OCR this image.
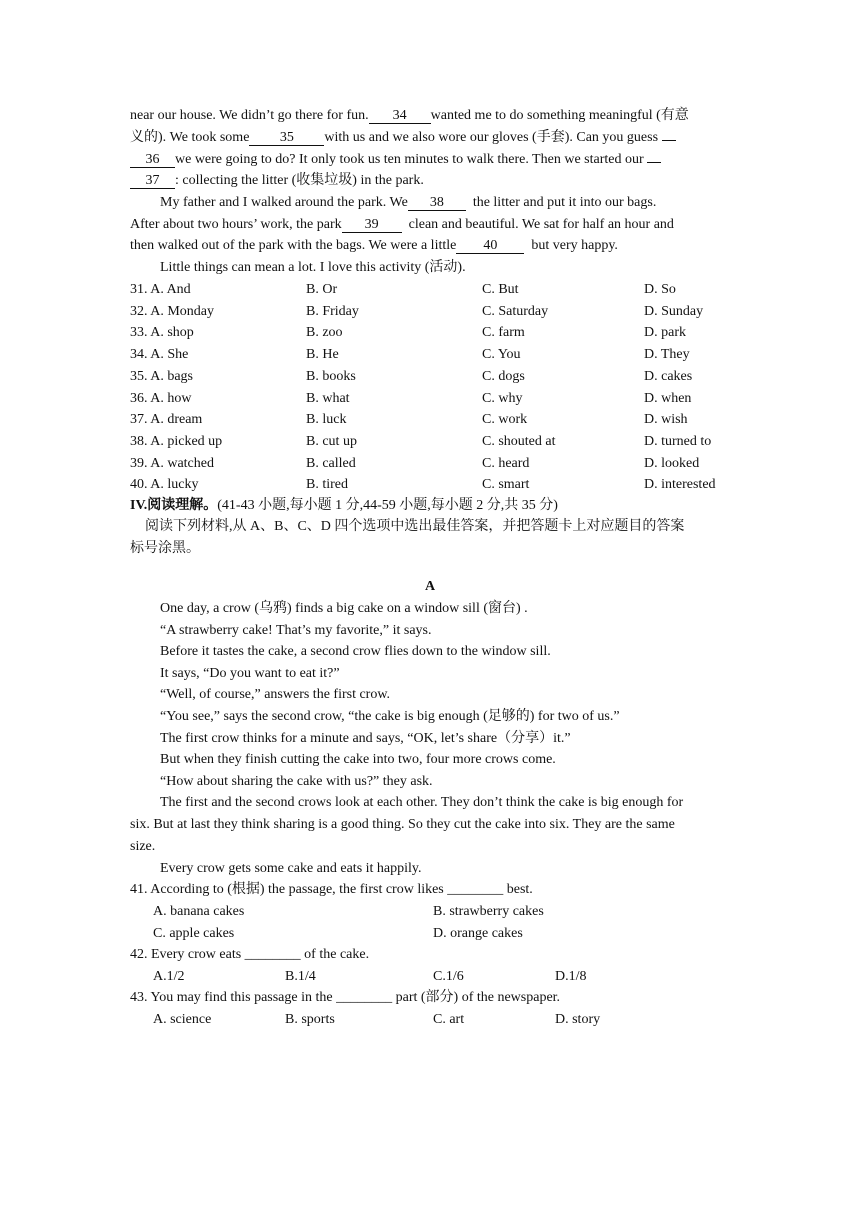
near our house. We didn’t go there for fun. 34 wanted me to do something meaningful (有意
义的). We took some 35 with us and we also wore our gloves (手套). Can you guess
36 we were going to do? It only took us ten minutes to walk there. Then we started our
37 : collecting the litter (收集垃圾) in the park.
My father and I walked around the park. We 38 the litter and put it into our bags.
After about two hours’ work, the park 39 clean and beautiful. We sat for half an hour and
then walked out of the park with the bags. We were a little 40 but very happy.
Little things can mean a lot. I love this activity (活动).
31. A. And	B. Or	C. But	D. So
32. A. Monday	B. Friday	C. Saturday	D. Sunday
33. A. shop	B. zoo	C. farm	D. park
34. A. She	B. He	C. You	D. They
35. A. bags	B. books	C. dogs	D. cakes
36. A. how	B. what	C. why	D. when
37. A. dream	B. luck	C. work	D. wish
38. A. picked up	B. cut up	C. shouted at	D. turned to
39. A. watched	B. called	C. heard	D. looked
40. A. lucky	B. tired	C. smart	D. interested
IV.阅读理解。(41-43 小题,每小题 1 分,44-59 小题,每小题 2 分,共 35 分)
阅读下列材料,从 A、B、C、D 四个选项中选出最佳答案，并把答题卡上对应题目的答案
标号涂黑。
A
One day, a crow (乌鸦) finds a big cake on a window sill (窗台) .
“A strawberry cake! That’s my favorite,” it says.
Before it tastes the cake, a second crow flies down to the window sill.
It says, “Do you want to eat it?”
“Well, of course,” answers the first crow.
“You see,” says the second crow, “the cake is big enough (足够的) for two of us.”
The first crow thinks for a minute and says, “OK, let’s share（分享）it.”
But when they finish cutting the cake into two, four more crows come.
“How about sharing the cake with us?” they ask.
The first and the second crows look at each other. They don’t think the cake is big enough for
six. But at last they think sharing is a good thing. So they cut the cake into six. They are the same
size.
Every crow gets some cake and eats it happily.
41. According to (根据) the passage, the first crow likes ________ best.
A. banana cakes	B. strawberry cakes
C. apple cakes	D. orange cakes
42. Every crow eats ________ of the cake.
A.1/2	B.1/4	C.1/6	D.1/8
43. You may find this passage in the ________ part (部分) of the newspaper.
A. science	B. sports	C. art	D. story
